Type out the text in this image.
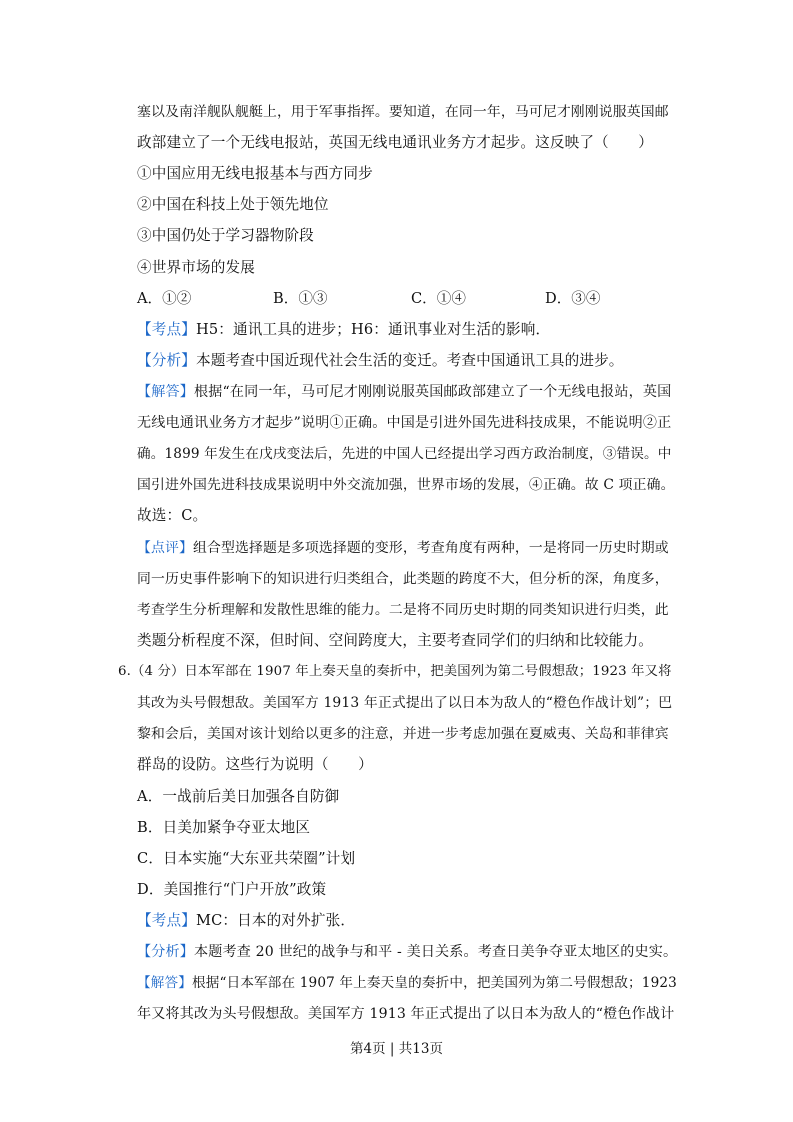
塞以及南洋舰队舰艇上，用于军事指挥。要知道，在同一年，马可尼才刚刚说服英国邮
政部建立了一个无线电报站，英国无线电通讯业务方才起步。这反映了（　　）
①中国应用无线电报基本与西方同步
②中国在科技上处于领先地位
③中国仍处于学习器物阶段
④世界市场的发展
A．①②	B．①③	C．①④	D．③④
【考点】H5：通讯工具的进步；H6：通讯事业对生活的影响．
【分析】本题考查中国近现代社会生活的变迁。考查中国通讯工具的进步。
【解答】根据“在同一年，马可尼才刚刚说服英国邮政部建立了一个无线电报站，英国
无线电通讯业务方才起步”说明①正确。中国是引进外国先进科技成果，不能说明②正
确。1899 年发生在戊戌变法后，先进的中国人已经提出学习西方政治制度，③错误。中
国引进外国先进科技成果说明中外交流加强，世界市场的发展，④正确。故 C 项正确。
故选：C。
【点评】组合型选择题是多项选择题的变形，考查角度有两种，一是将同一历史时期或
同一历史事件影响下的知识进行归类组合，此类题的跨度不大，但分析的深，角度多，
考查学生分析理解和发散性思维的能力。二是将不同历史时期的同类知识进行归类，此
类题分析程度不深，但时间、空间跨度大，主要考查同学们的归纳和比较能力。
6.（4 分）日本军部在 1907 年上奏天皇的奏折中，把美国列为第二号假想敌；1923 年又将
其改为头号假想敌。美国军方 1913 年正式提出了以日本为敌人的“橙色作战计划”；巴
黎和会后，美国对该计划给以更多的注意，并进一步考虑加强在夏威夷、关岛和菲律宾
群岛的设防。这些行为说明（　　）
A．一战前后美日加强各自防御
B．日美加紧争夺亚太地区
C．日本实施“大东亚共荣圈”计划
D．美国推行“门户开放”政策
【考点】MC：日本的对外扩张．
【分析】本题考查 20 世纪的战争与和平 - 美日关系。考查日美争夺亚太地区的史实。
【解答】根据“日本军部在 1907 年上奏天皇的奏折中，把美国列为第二号假想敌；1923
年又将其改为头号假想敌。美国军方 1913 年正式提出了以日本为敌人的“橙色作战计
第4页 | 共13页
